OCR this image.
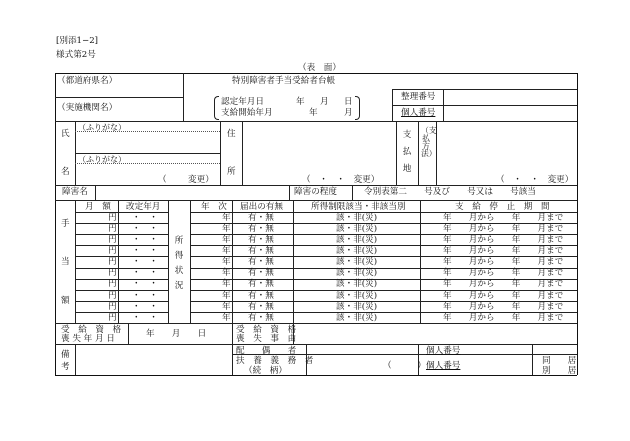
[別添1−2]
様式第2号
（表　面）
（都道府県名）	特別障害者手当受給者台帳
（実施機関名）
認定年月日	年 月 日
支給開始年月	年	月
整理番号
個人番号
氏
名
（ふりがな）
（ふりがな）
（ 変更）
住
所
（　・　・　変更）
支払地
（支払方法）
（　・　・　変更）
障害名	障害の程度	令別表第二　　号及び　　号又は　　号該当
手
当
額
所得状況
月　額 改定年月	年　次 届出の有無	所得制限該当・非該当別	支　給　停　止　期　間
円 ・　・	年 有・無	該・非(災)	年　　月から　　年　　月まで
円 ・　・	年 有・無	該・非(災)	年　　月から　　年　　月まで
円 ・　・	年 有・無	該・非(災)	年　　月から　　年　　月まで
円 ・　・	年 有・無	該・非(災)	年　　月から　　年　　月まで
円 ・　・	年 有・無	該・非(災)	年　　月から　　年　　月まで
円 ・　・	年 有・無	該・非(災)	年　　月から　　年　　月まで
円 ・　・	年 有・無	該・非(災)	年　　月から　　年　　月まで
円 ・　・	年 有・無	該・非(災)	年　　月から　　年　　月まで
円 ・　・	年 有・無	該・非(災)	年　　月から　　年　　月まで
円 ・　・	年 有・無	該・非(災)	年　　月から　　年　　月まで
受　給　資　格
喪 失 年 月 日	年　　月　　日	受　給　資　格
喪　失　事　由
備
考
配　　偶　　者
扶　養　義　務　者
（続　柄）	（　　　）
個人番号
個人番号	同　　居
別　　居
